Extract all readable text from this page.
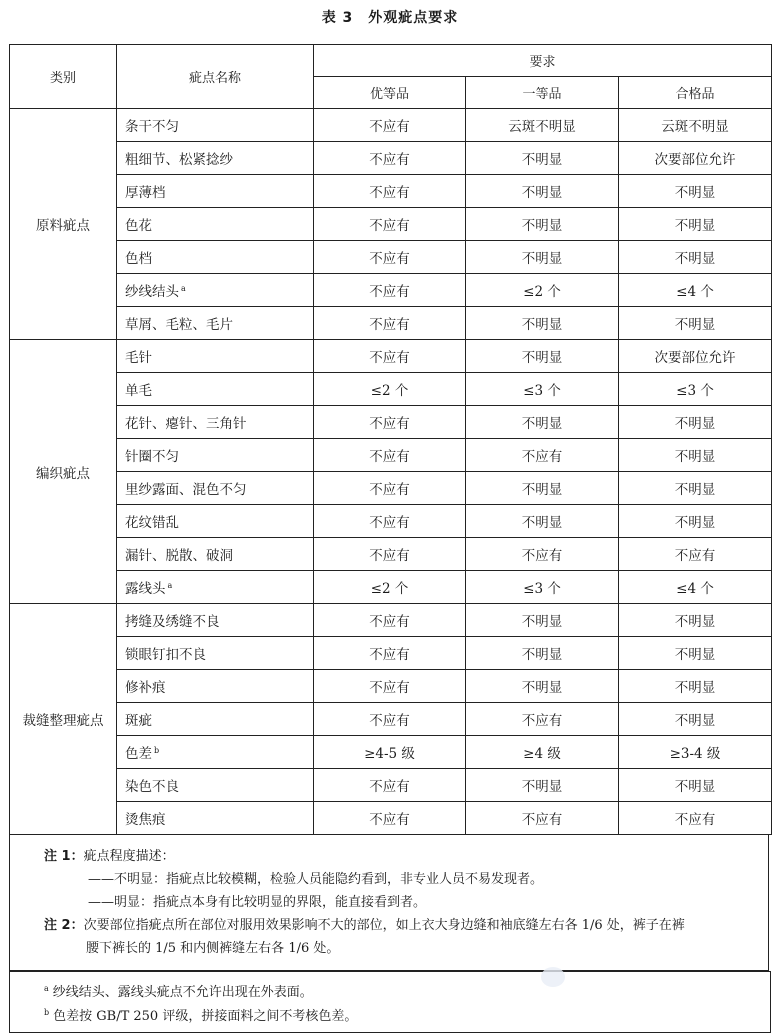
表 3　外观疵点要求
类别	疵点名称	要求		
		优等品	一等品	合格品
原料疵点	条干不匀	不应有	云斑不明显	云斑不明显
	粗细节、松紧捻纱	不应有	不明显	次要部位允许
	厚薄档	不应有	不明显	不明显
	色花	不应有	不明显	不明显
	色档	不应有	不明显	不明显
	纱线结头 $^a$	不应有	≤2 个	≤4 个
	草屑、毛粒、毛片	不应有	不明显	不明显
编织疵点	毛针	不应有	不明显	次要部位允许
	单毛	≤2 个	≤3 个	≤3 个
	花针、瘪针、三角针	不应有	不明显	不明显
	针圈不匀	不应有	不应有	不明显
	里纱露面、混色不匀	不应有	不明显	不明显
	花纹错乱	不应有	不明显	不明显
	漏针、脱散、破洞	不应有	不应有	不应有
	露线头 $^a$	≤2 个	≤3 个	≤4 个
裁缝整理疵点	拷缝及绣缝不良	不应有	不明显	不明显
	锁眼钉扣不良	不应有	不明显	不明显
	修补痕	不应有	不明显	不明显
	斑疵	不应有	不应有	不明显
	色差 $^b$	≥4-5 级	≥4 级	≥3-4 级
	染色不良	不应有	不明显	不明显
	烫焦痕	不应有	不应有	不应有
注 1：疵点程度描述：
——不明显：指疵点比较模糊，检验人员能隐约看到，非专业人员不易发现者。
——明显：指疵点本身有比较明显的界限，能直接看到者。
注 2：次要部位指疵点所在部位对服用效果影响不大的部位，如上衣大身边缝和袖底缝左右各 1/6 处，裤子在裤
腰下裤长的 1/5 和内侧裤缝左右各 1/6 处。
$^a$ 纱线结头、露线头疵点不允许出现在外表面。
$^b$ 色差按 GB/T 250 评级，拼接面料之间不考核色差。
